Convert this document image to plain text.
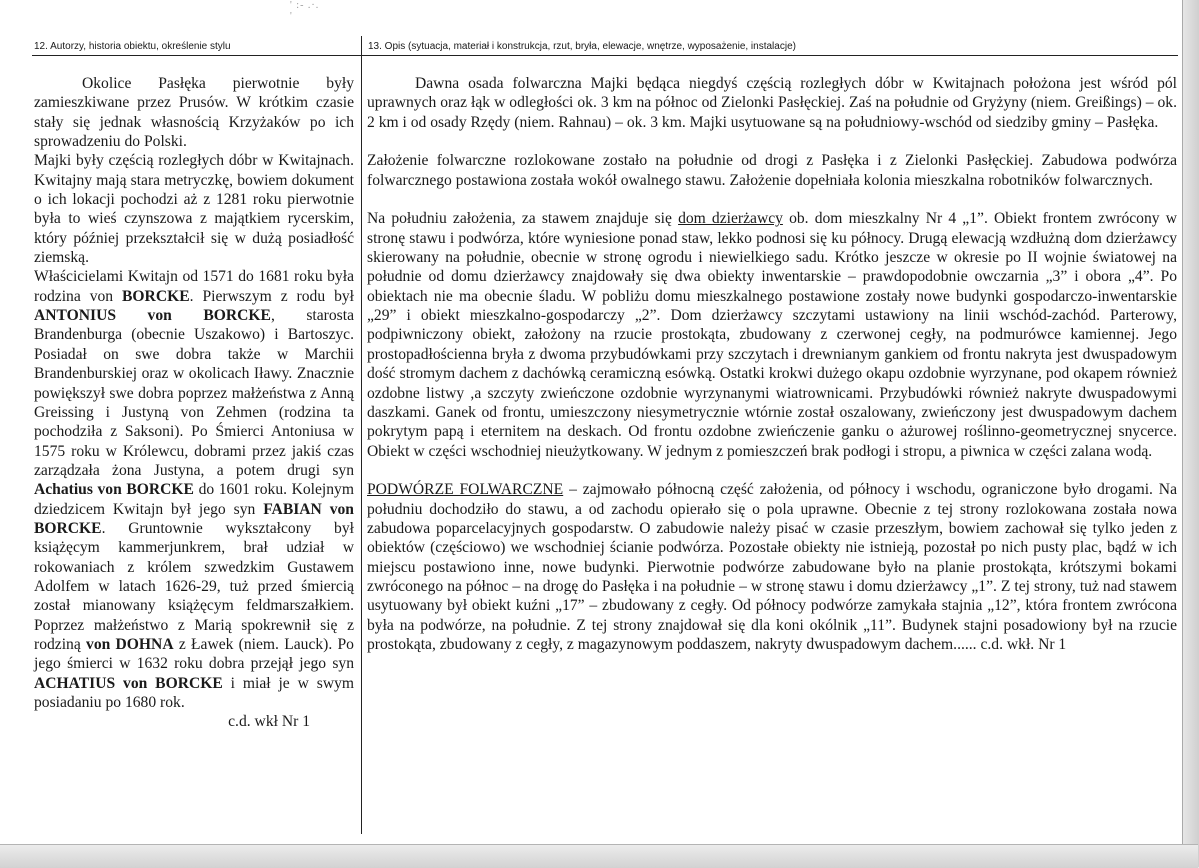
' :- .·. '
12. Autorzy, historia obiektu, określenie stylu	13. Opis (sytuacja, materiał i konstrukcja, rzut, bryła, elewacje, wnętrze, wyposażenie, instalacje)

Okolice Pasłęka pierwotnie były zamieszkiwane przez Prusów. W krótkim czasie stały się jednak własnością Krzyżaków po ich sprowadzeniu do Polski.

Majki były częścią rozległych dóbr w Kwitajnach. Kwitajny mają stara metryczkę, bowiem dokument o ich lokacji pochodzi aż z 1281 roku pierwotnie była to wieś czynszowa z majątkiem rycerskim, który później przekształcił się w dużą posiadłość ziemską.

Właścicielami Kwitajn od 1571 do 1681 roku była rodzina von BORCKE. Pierwszym z rodu był ANTONIUS von BORCKE, starosta Brandenburga (obecnie Uszakowo) i Bartoszyc. Posiadał on swe dobra także w Marchii Brandenburskiej oraz w okolicach Iławy. Znacznie powiększył swe dobra poprzez małżeństwa z Anną Greissing i Justyną von Zehmen (rodzina ta pochodziła z Saksoni). Po Śmierci Antoniusa w 1575 roku w Królewcu, dobrami przez jakiś czas zarządzała żona Justyna, a potem drugi syn Achatius von BORCKE do 1601 roku. Kolejnym dziedzicem Kwitajn był jego syn FABIAN von BORCKE. Gruntownie wykształcony był książęcym kammerjunkrem, brał udział w rokowaniach z królem szwedzkim Gustawem Adolfem w latach 1626-29, tuż przed śmiercią został mianowany książęcym feldmarszałkiem. Poprzez małżeństwo z Marią spokrewnił się z rodziną von DOHNA z Ławek (niem. Lauck). Po jego śmierci w 1632 roku dobra przejął jego syn ACHATIUS von BORCKE i miał je w swym posiadaniu po 1680 rok.

c.d. wkł Nr 1

Dawna osada folwarczna Majki będąca niegdyś częścią rozległych dóbr w Kwitajnach położona jest wśród pól uprawnych oraz łąk w odległości ok. 3 km na północ od Zielonki Pasłęckiej. Zaś na południe od Gryżyny (niem. Greißings) – ok. 2 km i od osady Rzędy (niem. Rahnau) – ok. 3 km. Majki usytuowane są na południowy-wschód od siedziby gminy – Pasłęka.

Założenie folwarczne rozlokowane zostało na południe od drogi z Pasłęka i z Zielonki Pasłęckiej. Zabudowa podwórza folwarcznego postawiona została wokół owalnego stawu. Założenie dopełniała kolonia mieszkalna robotników folwarcznych.

Na południu założenia, za stawem znajduje się dom dzierżawcy ob. dom mieszkalny Nr 4 „1”. Obiekt frontem zwrócony w stronę stawu i podwórza, które wyniesione ponad staw, lekko podnosi się ku północy. Drugą elewacją wzdłużną dom dzierżawcy skierowany na południe, obecnie w stronę ogrodu i niewielkiego sadu. Krótko jeszcze w okresie po II wojnie światowej na południe od domu dzierżawcy znajdowały się dwa obiekty inwentarskie – prawdopodobnie owczarnia „3” i obora „4”. Po obiektach nie ma obecnie śladu. W pobliżu domu mieszkalnego postawione zostały nowe budynki gospodarczo-inwentarskie „29” i obiekt mieszkalno-gospodarczy „2”. Dom dzierżawcy szczytami ustawiony na linii wschód-zachód. Parterowy, podpiwniczony obiekt, założony na rzucie prostokąta, zbudowany z czerwonej cegły, na podmurówce kamiennej. Jego prostopadłościenna bryła z dwoma przybudówkami przy szczytach i drewnianym gankiem od frontu nakryta jest dwuspadowym dość stromym dachem z dachówką ceramiczną esówką. Ostatki krokwi dużego okapu ozdobnie wyrzynane, pod okapem również ozdobne listwy ,a szczyty zwieńczone ozdobnie wyrzynanymi wiatrownicami. Przybudówki również nakryte dwuspadowymi daszkami. Ganek od frontu, umieszczony niesymetrycznie wtórnie został oszalowany, zwieńczony jest dwuspadowym dachem pokrytym papą i eternitem na deskach. Od frontu ozdobne zwieńczenie ganku o ażurowej roślinno-geometrycznej snycerce. Obiekt w części wschodniej nieużytkowany. W jednym z pomieszczeń brak podłogi i stropu, a piwnica w części zalana wodą.

PODWÓRZE FOLWARCZNE – zajmowało północną część założenia, od północy i wschodu, ograniczone było drogami. Na południu dochodziło do stawu, a od zachodu opierało się o pola uprawne. Obecnie z tej strony rozlokowana została nowa zabudowa poparcelacyjnych gospodarstw. O zabudowie należy pisać w czasie przeszłym, bowiem zachował się tylko jeden z obiektów (częściowo) we wschodniej ścianie podwórza. Pozostałe obiekty nie istnieją, pozostał po nich pusty plac, bądź w ich miejscu postawiono inne, nowe budynki. Pierwotnie podwórze zabudowane było na planie prostokąta, krótszymi bokami zwróconego na północ – na drogę do Pasłęka i na południe – w stronę stawu i domu dzierżawcy „1”. Z tej strony, tuż nad stawem usytuowany był obiekt kuźni „17” – zbudowany z cegły. Od północy podwórze zamykała stajnia „12”, która frontem zwrócona była na podwórze, na południe. Z tej strony znajdował się dla koni okólnik „11”. Budynek stajni posadowiony był na rzucie prostokąta, zbudowany z cegły, z magazynowym poddaszem, nakryty dwuspadowym dachem...... c.d. wkł. Nr 1
